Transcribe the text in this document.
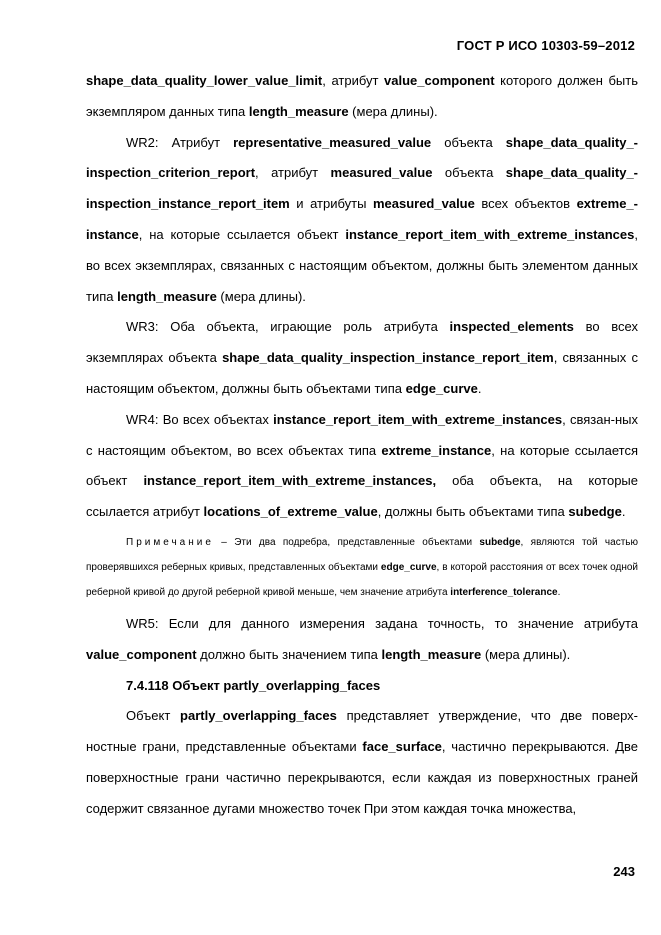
ГОСТ Р ИСО 10303-59–2012

shape_data_quality_lower_value_limit, атрибут value_component которого должен быть экземпляром данных типа length_measure (мера длины).

WR2: Атрибут representative_measured_value объекта shape_data_quality_-inspection_criterion_report, атрибут measured_value объекта shape_data_quality_-inspection_instance_report_item и атрибуты measured_value всех объектов extreme_-instance, на которые ссылается объект instance_report_item_with_extreme_instances, во всех экземплярах, связанных с настоящим объектом, должны быть элементом данных типа length_measure (мера длины).

WR3: Оба объекта, играющие роль атрибута inspected_elements во всех экземплярах объекта shape_data_quality_inspection_instance_report_item, связанных с настоящим объектом, должны быть объектами типа edge_curve.

WR4: Во всех объектах instance_report_item_with_extreme_instances, связан-ных с настоящим объектом, во всех объектах типа extreme_instance, на которые ссылается объект instance_report_item_with_extreme_instances, оба объекта, на которые ссылается атрибут locations_of_extreme_value, должны быть объектами типа subedge.

Примечание – Эти два подребра, представленные объектами subedge, являются той частью проверявшихся реберных кривых, представленных объектами edge_curve, в которой расстояния от всех точек одной реберной кривой до другой реберной кривой меньше, чем значение атрибута interference_tolerance.

WR5: Если для данного измерения задана точность, то значение атрибута value_component должно быть значением типа length_measure (мера длины).

7.4.118 Объект partly_overlapping_faces

Объект partly_overlapping_faces представляет утверждение, что две поверх-ностные грани, представленные объектами face_surface, частично перекрываются. Две поверхностные грани частично перекрываются, если каждая из поверхностных граней содержит связанное дугами множество точек При этом каждая точка множества,

243
